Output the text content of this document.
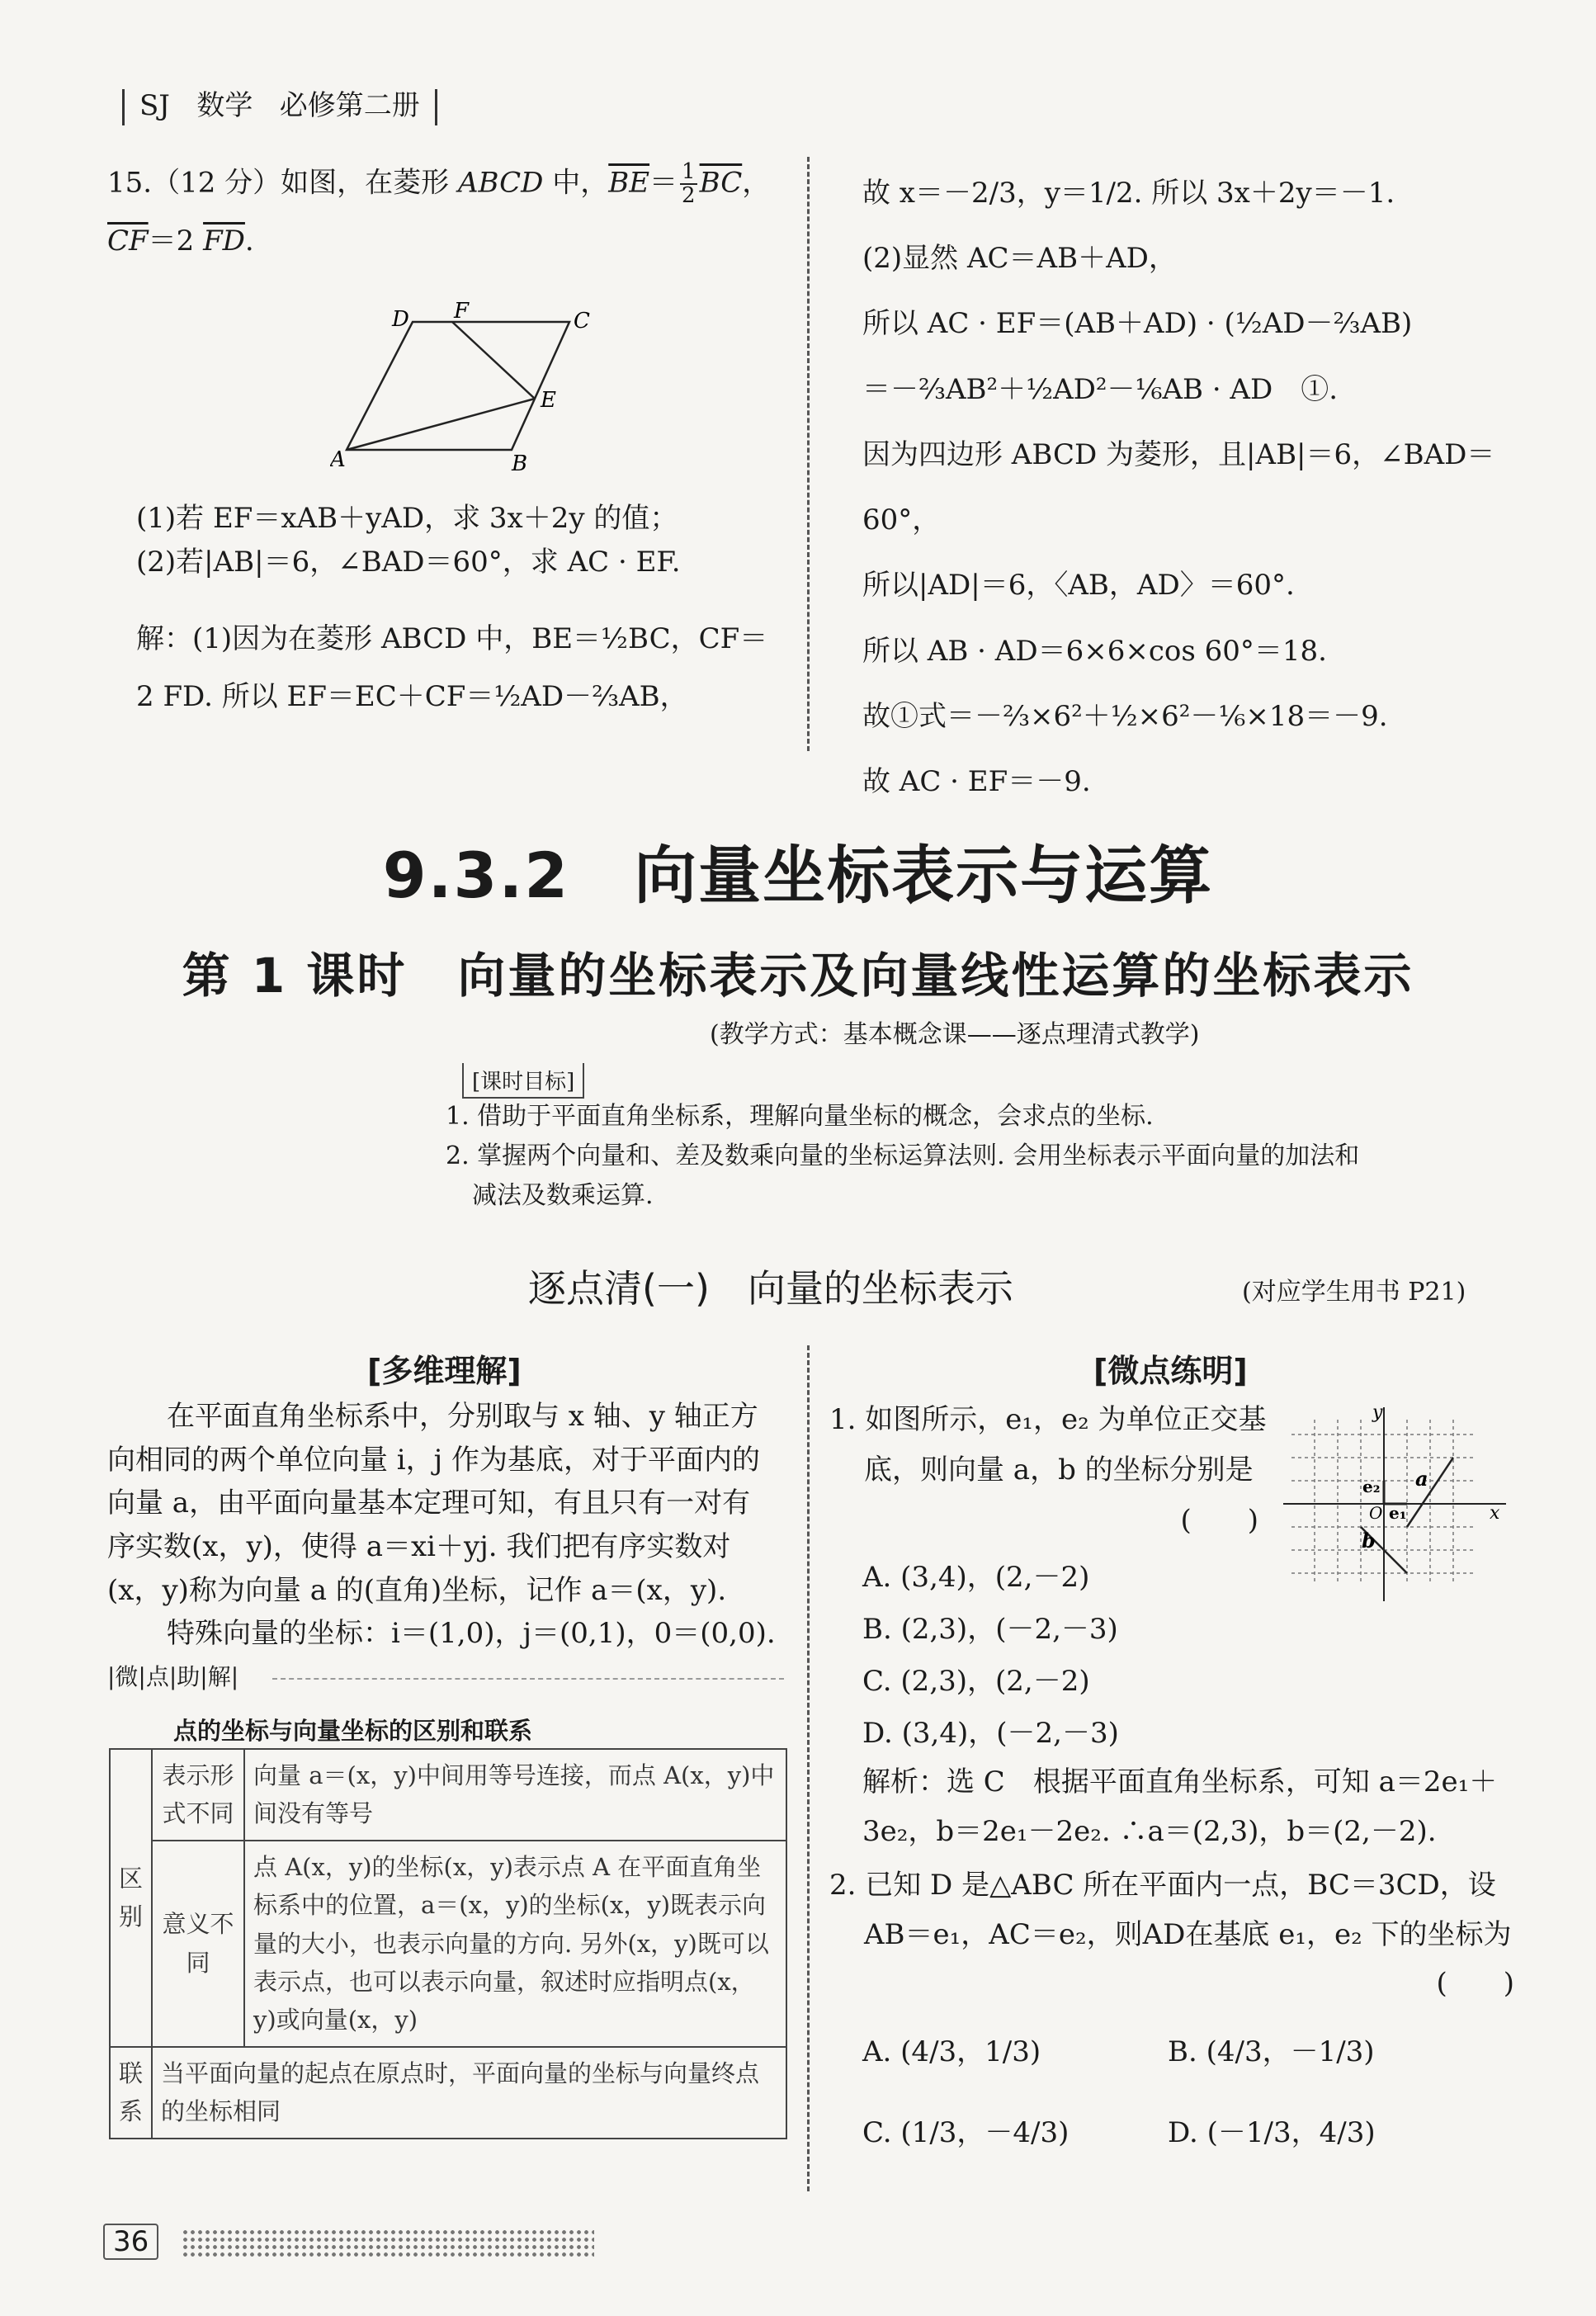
SJ 数学 必修第二册
15.（12 分）如图，在菱形 ABCD 中，$\overline{BE}= \frac{1}{2} \overline{BC}$，
$\overline{CF}=2$ $\overline{FD}$.
D F	C
E
A	B
(1)若 EF＝xAB＋yAD，求 3x＋2y 的值；
(2)若|AB|＝6，∠BAD＝60°，求 AC · EF.
解：(1)因为在菱形 ABCD 中，BE＝½BC，CF＝
2 FD. 所以 EF＝EC＋CF＝½AD－⅔AB，
故 x＝－2/3，y＝1/2. 所以 3x＋2y＝－1.
(2)显然 AC＝AB＋AD，
所以 AC · EF＝(AB＋AD) · (½AD－⅔AB)
＝－⅔AB²＋½AD²－⅙AB · AD　①.
因为四边形 ABCD 为菱形，且|AB|＝6，∠BAD＝60°，
所以|AD|＝6，〈AB，AD〉＝60°.
所以 AB · AD＝6×6×cos 60°＝18.
故①式＝－⅔×6²＋½×6²－⅙×18＝－9.
故 AC · EF＝－9.
9.3.2　向量坐标表示与运算
第 1 课时　向量的坐标表示及向量线性运算的坐标表示
(教学方式：基本概念课——逐点理清式教学)
[课时目标]
1. 借助于平面直角坐标系，理解向量坐标的概念，会求点的坐标.
2. 掌握两个向量和、差及数乘向量的坐标运算法则. 会用坐标表示平面向量的加法和
减法及数乘运算.
逐点清(一)　向量的坐标表示	(对应学生用书 P21)
[多维理解]
在平面直角坐标系中，分别取与 x 轴、y 轴正方
向相同的两个单位向量 i，j 作为基底，对于平面内的
向量 a，由平面向量基本定理可知，有且只有一对有
序实数(x，y)，使得 a＝xi＋yj. 我们把有序实数对
(x，y)称为向量 a 的(直角)坐标，记作 a＝(x，y).
特殊向量的坐标：i＝(1,0)，j＝(0,1)，0＝(0,0).
|微|点|助|解|
点的坐标与向量坐标的区别和联系
区别	表示形式不同	向量 a＝(x，y)中间用等号连接，而点 A(x，y)中间没有等号
	意义不同	点 A(x，y)的坐标(x，y)表示点 A 在平面直角坐标系中的位置，a＝(x，y)的坐标(x，y)既表示向量的大小，也表示向量的方向. 另外(x，y)既可以表示点，也可以表示向量，叙述时应指明点(x，y)或向量(x，y)
联系	当平面向量的起点在原点时，平面向量的坐标与向量终点的坐标相同	
[微点练明]
1. 如图所示，e₁，e₂ 为单位正交基
底，则向量 a，b 的坐标分别是
(　　)
y
x
a
b
e₂
e₁
O
A. (3,4)，(2,－2)
B. (2,3)，(－2,－3)
C. (2,3)，(2,－2)
D. (3,4)，(－2,－3)
解析：选 C　根据平面直角坐标系，可知 a＝2e₁＋
3e₂，b＝2e₁－2e₂. ∴a＝(2,3)，b＝(2,－2).
2. 已知 D 是△ABC 所在平面内一点，BC＝3CD，设
AB＝e₁，AC＝e₂，则AD在基底 e₁，e₂ 下的坐标为
(　　)
A. (4/3，1/3)	B. (4/3，－1/3)
C. (1/3，－4/3)	D. (－1/3，4/3)
36
